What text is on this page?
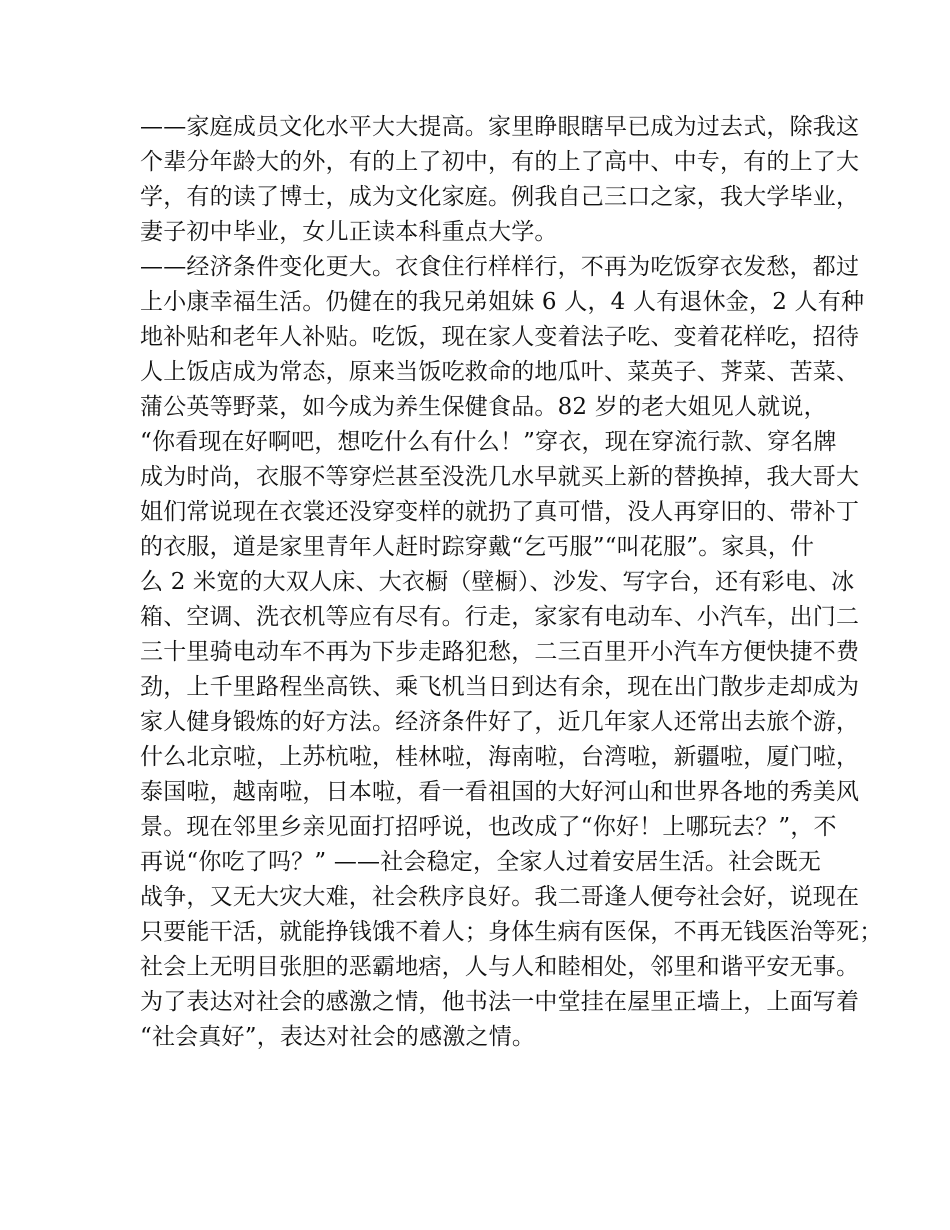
——家庭成员文化水平大大提高。家里睁眼瞎早已成为过去式，除我这
个辈分年龄大的外，有的上了初中，有的上了高中、中专，有的上了大
学，有的读了博士，成为文化家庭。例我自己三口之家，我大学毕业，
妻子初中毕业，女儿正读本科重点大学。
——经济条件变化更大。衣食住行样样行，不再为吃饭穿衣发愁，都过
上小康幸福生活。仍健在的我兄弟姐妹 6 人，4 人有退休金，2 人有种
地补贴和老年人补贴。吃饭，现在家人变着法子吃、变着花样吃，招待
人上饭店成为常态，原来当饭吃救命的地瓜叶、菜英子、荠菜、苦菜、
蒲公英等野菜，如今成为养生保健食品。82 岁的老大姐见人就说，
“你看现在好啊吧，想吃什么有什么！”穿衣，现在穿流行款、穿名牌
成为时尚，衣服不等穿烂甚至没洗几水早就买上新的替换掉，我大哥大
姐们常说现在衣裳还没穿变样的就扔了真可惜，没人再穿旧的、带补丁
的衣服，道是家里青年人赶时踪穿戴“乞丐服”“叫花服”。家具，什
么 2 米宽的大双人床、大衣橱（壁橱）、沙发、写字台，还有彩电、冰
箱、空调、洗衣机等应有尽有。行走，家家有电动车、小汽车，出门二
三十里骑电动车不再为下步走路犯愁，二三百里开小汽车方便快捷不费
劲，上千里路程坐高铁、乘飞机当日到达有余，现在出门散步走却成为
家人健身锻炼的好方法。经济条件好了，近几年家人还常出去旅个游，
什么北京啦，上苏杭啦，桂林啦，海南啦，台湾啦，新疆啦，厦门啦，
泰国啦，越南啦，日本啦，看一看祖国的大好河山和世界各地的秀美风
景。现在邻里乡亲见面打招呼说，也改成了“你好！上哪玩去？”，不
再说“你吃了吗？” ——社会稳定，全家人过着安居生活。社会既无
战争，又无大灾大难，社会秩序良好。我二哥逢人便夸社会好，说现在
只要能干活，就能挣钱饿不着人；身体生病有医保，不再无钱医治等死；
社会上无明目张胆的恶霸地痞，人与人和睦相处，邻里和谐平安无事。
为了表达对社会的感激之情，他书法一中堂挂在屋里正墙上，上面写着
“社会真好”，表达对社会的感激之情。
